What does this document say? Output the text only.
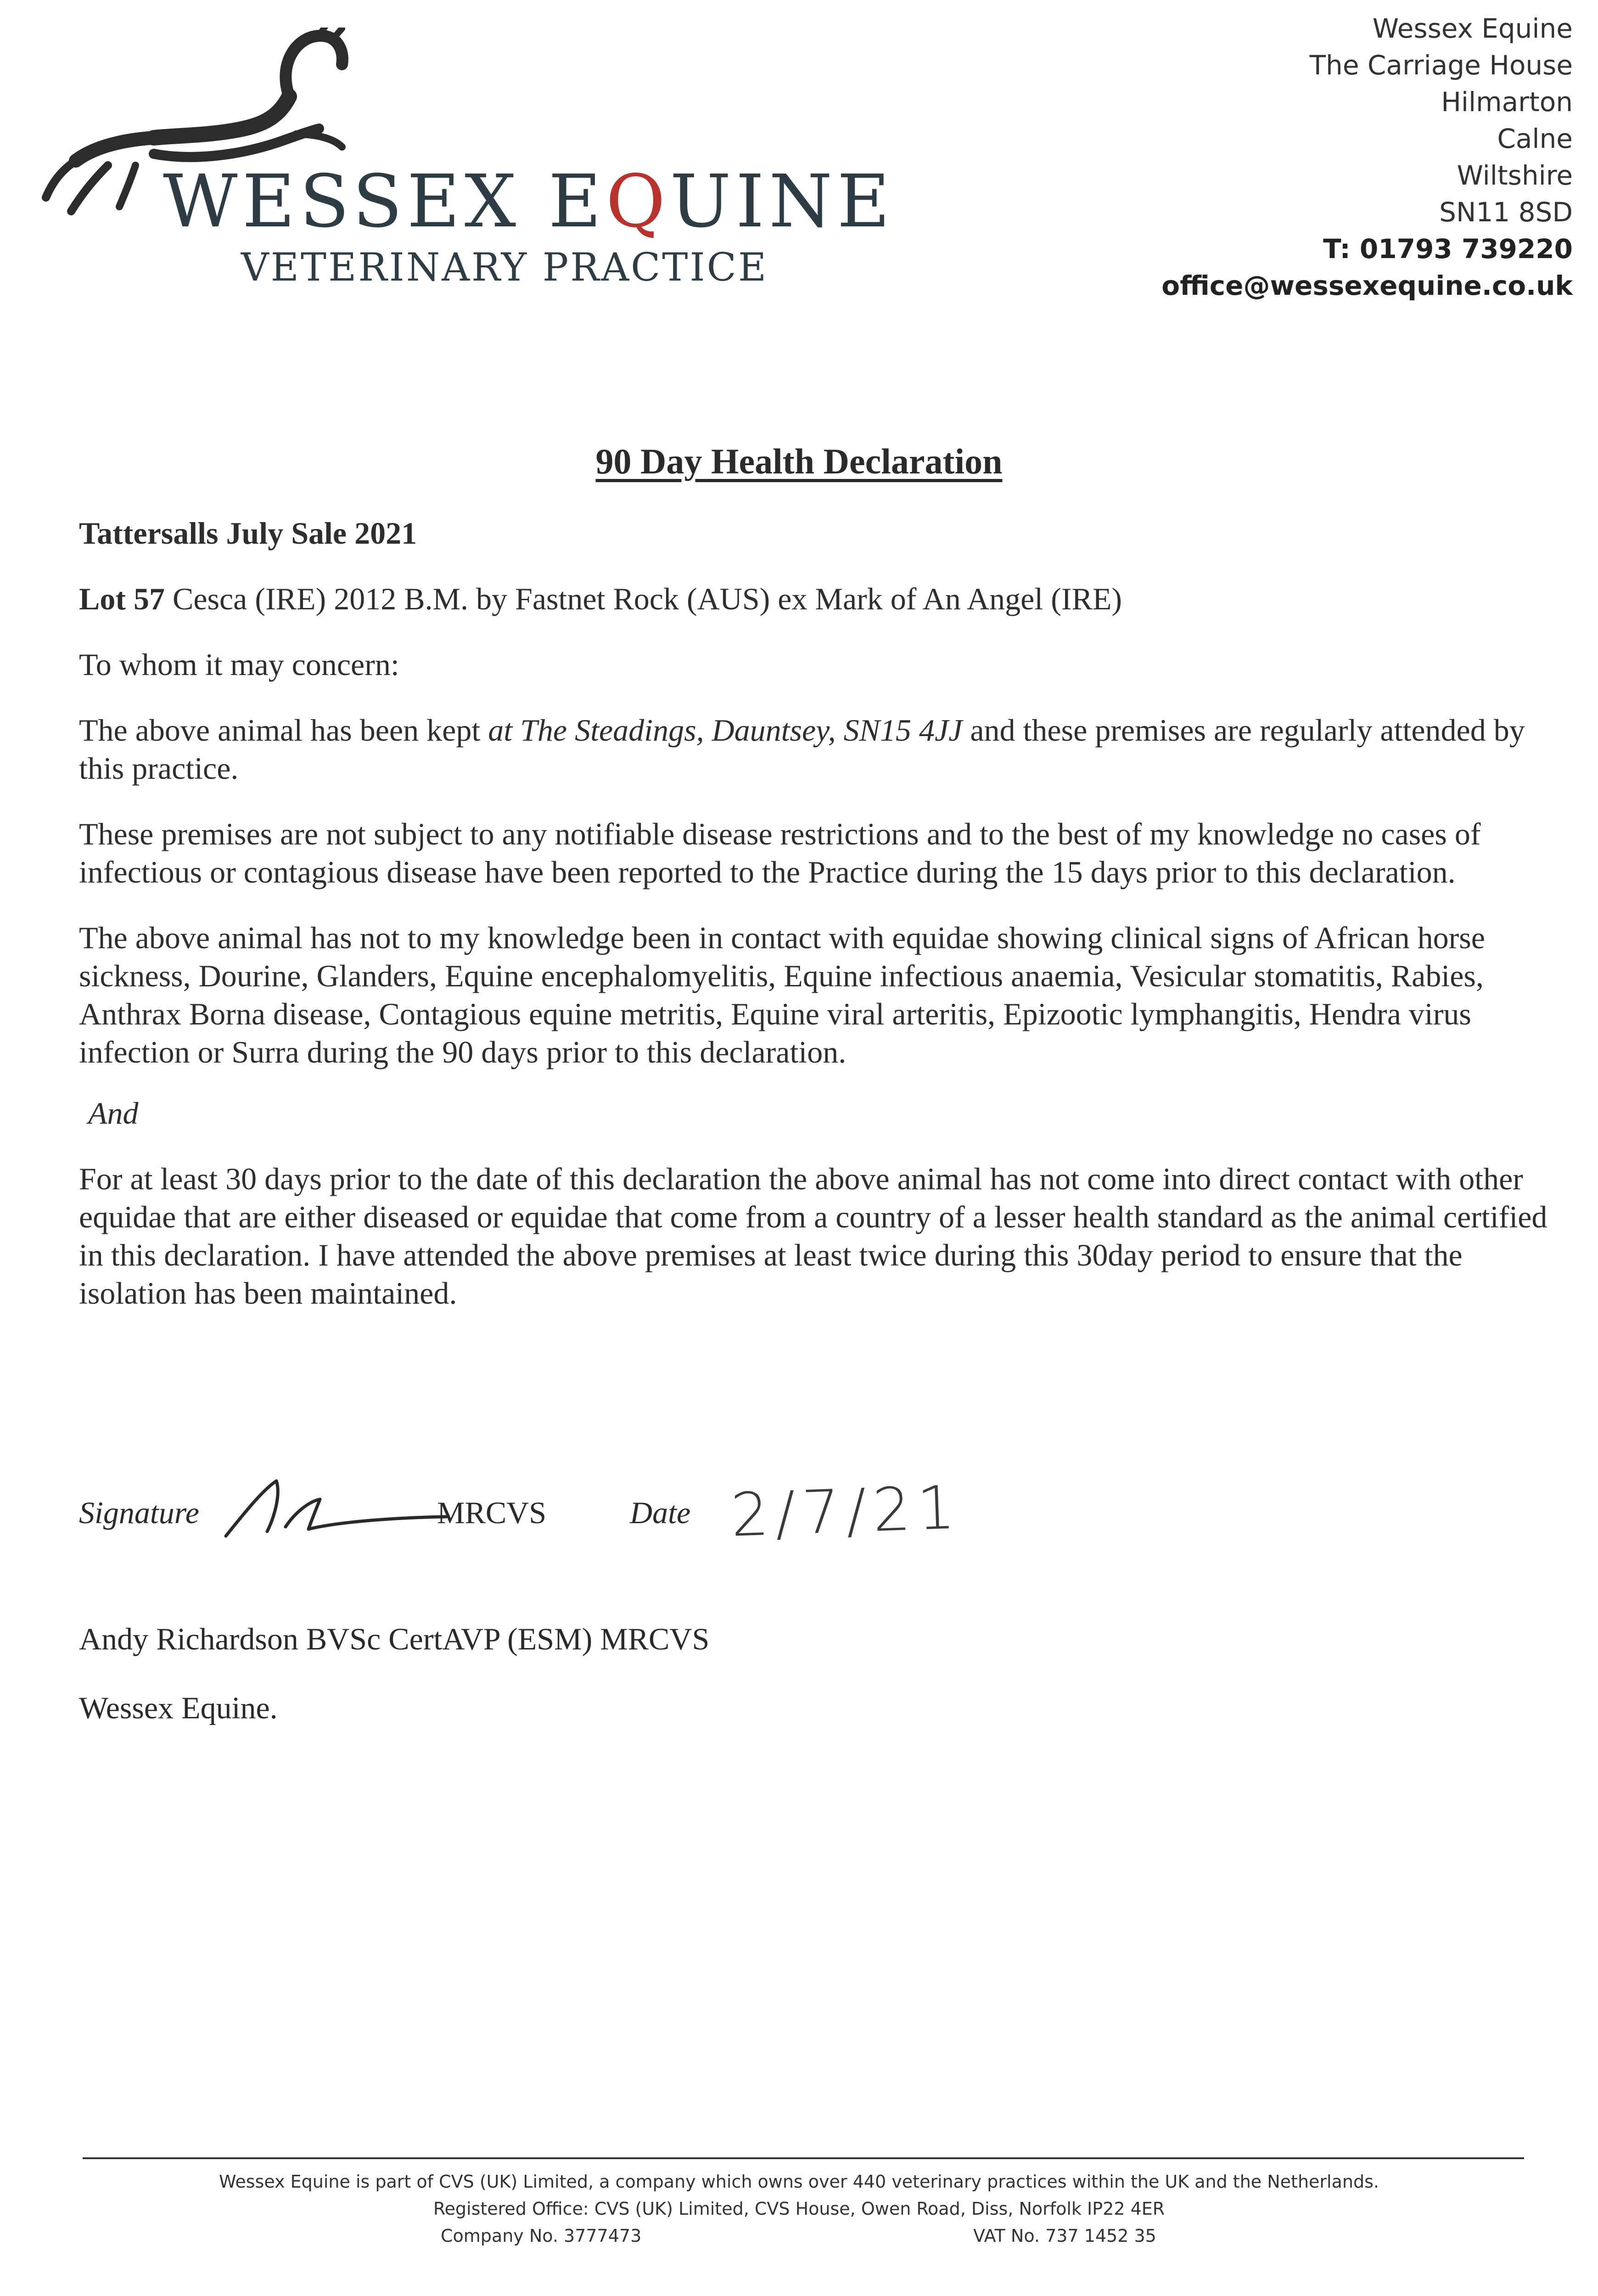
WESSEX EQUINE
VETERINARY PRACTICE
Wessex Equine
The Carriage House
Hilmarton
Calne
Wiltshire
SN11 8SD
T: 01793 739220
office@wessexequine.co.uk
90 Day Health Declaration

Tattersalls July Sale 2021

Lot 57 Cesca (IRE) 2012 B.M. by Fastnet Rock (AUS) ex Mark of An Angel (IRE)

To whom it may concern:

The above animal has been kept at The Steadings, Dauntsey, SN15 4JJ and these premises are regularly attended by this practice.

These premises are not subject to any notifiable disease restrictions and to the best of my knowledge no cases of infectious or contagious disease have been reported to the Practice during the 15 days prior to this declaration.

The above animal has not to my knowledge been in contact with equidae showing clinical signs of African horse sickness, Dourine, Glanders, Equine encephalomyelitis, Equine infectious anaemia, Vesicular stomatitis, Rabies, Anthrax Borna disease, Contagious equine metritis, Equine viral arteritis, Epizootic lymphangitis, Hendra virus infection or Surra during the 90 days prior to this declaration.

And

For at least 30 days prior to the date of this declaration the above animal has not come into direct contact with other equidae that are either diseased or equidae that come from a country of a lesser health standard as the animal certified in this declaration. I have attended the above premises at least twice during this 30day period to ensure that the isolation has been maintained.

Signature	MRCVS	Date 2/7/21

Andy Richardson BVSc CertAVP (ESM) MRCVS

Wessex Equine.

Wessex Equine is part of CVS (UK) Limited, a company which owns over 440 veterinary practices within the UK and the Netherlands.
Registered Office: CVS (UK) Limited, CVS House, Owen Road, Diss, Norfolk IP22 4ER
Company No. 3777473	VAT No. 737 1452 35
